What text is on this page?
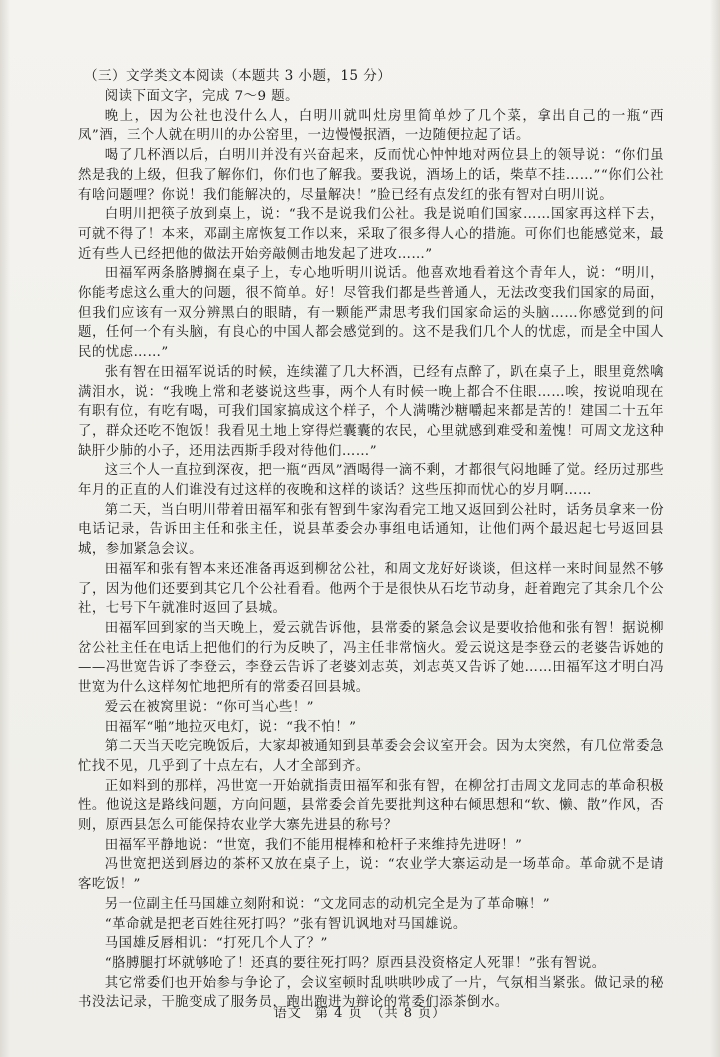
（三）文学类文本阅读（本题共 3 小题，15 分）

阅读下面文字，完成 7～9 题。

晚上，因为公社也没什么人，白明川就叫灶房里简单炒了几个菜，拿出自己的一瓶“西凤”酒，三个人就在明川的办公窑里，一边慢慢抿酒，一边随便拉起了话。

喝了几杯酒以后，白明川并没有兴奋起来，反而忧心忡忡地对两位县上的领导说：“你们虽然是我的上级，但我了解你们，你们也了解我。要我说，酒场上的话，柴草不挂……”“你们公社有啥问题哩？你说！我们能解决的，尽量解决！”脸已经有点发红的张有智对白明川说。

白明川把筷子放到桌上，说：“我不是说我们公社。我是说咱们国家……国家再这样下去，可就不得了！本来，邓副主席恢复工作以来，采取了很多得人心的措施。可你们也能感觉来，最近有些人已经把他的做法开始旁敲侧击地发起了进攻……”

田福军两条胳膊搁在桌子上，专心地听明川说话。他喜欢地看着这个青年人，说：“明川，你能考虑这么重大的问题，很不简单。好！尽管我们都是些普通人，无法改变我们国家的局面，但我们应该有一双分辨黑白的眼睛，有一颗能严肃思考我们国家命运的头脑……你感觉到的问题，任何一个有头脑，有良心的中国人都会感觉到的。这不是我们几个人的忧虑，而是全中国人民的忧虑……”

张有智在田福军说话的时候，连续灌了几大杯酒，已经有点醉了，趴在桌子上，眼里竟然噙满泪水，说：“我晚上常和老婆说这些事，两个人有时候一晚上都合不住眼……唉，按说咱现在有职有位，有吃有喝，可我们国家搞成这个样子，个人满嘴沙糖嚼起来都是苦的！建国二十五年了，群众还吃不饱饭！我看见土地上穿得烂囊囊的农民，心里就感到难受和羞愧！可周文龙这种缺肝少肺的小子，还用法西斯手段对待他们……”

这三个人一直拉到深夜，把一瓶“西凤”酒喝得一滴不剩，才都很气闷地睡了觉。经历过那些年月的正直的人们谁没有过这样的夜晚和这样的谈话？这些压抑而忧心的岁月啊……

第二天，当白明川带着田福军和张有智到牛家沟看完工地又返回到公社时，话务员拿来一份电话记录，告诉田主任和张主任，说县革委会办事组电话通知，让他们两个最迟起七号返回县城，参加紧急会议。

田福军和张有智本来还准备再返到柳岔公社，和周文龙好好谈谈，但这样一来时间显然不够了，因为他们还要到其它几个公社看看。他两个于是很快从石圪节动身，赶着跑完了其余几个公社，七号下午就准时返回了县城。

田福军回到家的当天晚上，爱云就告诉他，县常委的紧急会议是要收拾他和张有智！据说柳岔公社主任在电话上把他们的行为反映了，冯主任非常恼火。爱云说这是李登云的老婆告诉她的——冯世宽告诉了李登云，李登云告诉了老婆刘志英，刘志英又告诉了她……田福军这才明白冯世宽为什么这样匆忙地把所有的常委召回县城。

爱云在被窝里说：“你可当心些！”

田福军“啪”地拉灭电灯，说：“我不怕！”

第二天当天吃完晚饭后，大家却被通知到县革委会会议室开会。因为太突然，有几位常委急忙找不见，几乎到了十点左右，人才全部到齐。

正如料到的那样，冯世宽一开始就指责田福军和张有智，在柳岔打击周文龙同志的革命积极性。他说这是路线问题，方向问题，县常委会首先要批判这种右倾思想和“软、懒、散”作风，否则，原西县怎么可能保持农业学大寨先进县的称号？

田福军平静地说：“世宽，我们不能用棍棒和枪杆子来维持先进呀！”

冯世宽把送到唇边的茶杯又放在桌子上，说：“农业学大寨运动是一场革命。革命就不是请客吃饭！”

另一位副主任马国雄立刻附和说：“文龙同志的动机完全是为了革命嘛！”

“革命就是把老百姓往死打吗？”张有智讥讽地对马国雄说。

马国雄反唇相讥：“打死几个人了？”

“胳膊腿打坏就够呛了！还真的要往死打吗？原西县没资格定人死罪！”张有智说。

其它常委们也开始参与争论了，会议室顿时乱哄哄吵成了一片，气氛相当紧张。做记录的秘书没法记录，干脆变成了服务员，跑出跑进为辩论的常委们添茶倒水。

语文 第 4 页 （共 8 页）
